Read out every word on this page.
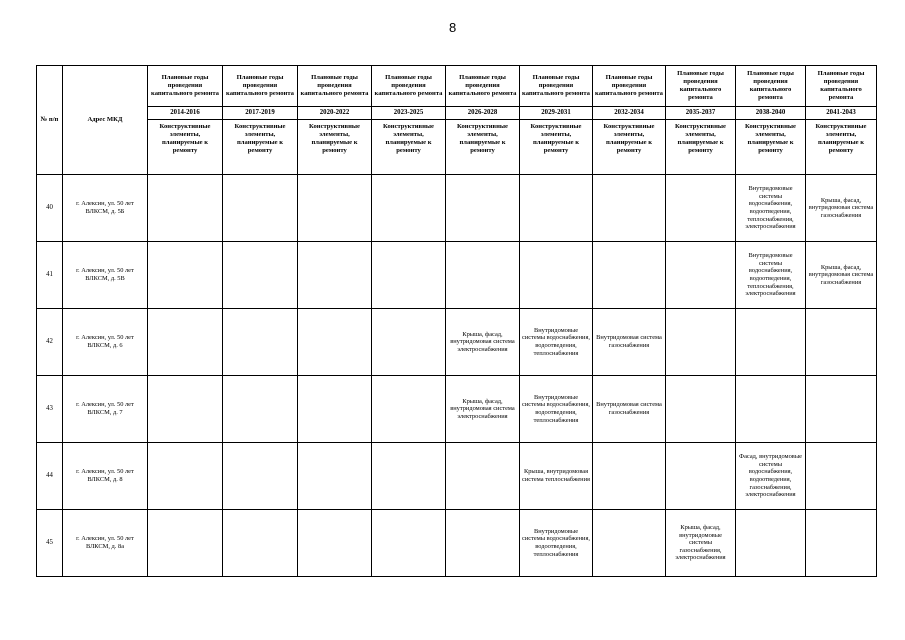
8
№ п/п	Адрес МКД	Плановые годы проведения капитального ремонта	Плановые годы проведения капитального ремонта	Плановые годы проведения капитального ремонта	Плановые годы проведения капитального ремонта	Плановые годы проведения капитального ремонта	Плановые годы проведения капитального ремонта	Плановые годы проведения капитального ремонта	Плановые годы проведения капитального ремонта	Плановые годы проведения капитального ремонта	Плановые годы проведения капитального ремонта
		2014-2016	2017-2019	2020-2022	2023-2025	2026-2028	2029-2031	2032-2034	2035-2037	2038-2040	2041-2043
		Конструктивные элементы, планируемые к ремонту	Конструктивные элементы, планируемые к ремонту	Конструктивные элементы, планируемые к ремонту	Конструктивные элементы, планируемые к ремонту	Конструктивные элементы, планируемые к ремонту	Конструктивные элементы, планируемые к ремонту	Конструктивные элементы, планируемые к ремонту	Конструктивные элементы, планируемые к ремонту	Конструктивные элементы, планируемые к ремонту	Конструктивные элементы, планируемые к ремонту
40	г. Алексин, ул. 50 лет ВЛКСМ, д. 5Б									Внутридомовые системы водоснабжения, водоотведения, теплоснабжения, электроснабжения	Крыша, фасад, внутридомовая система газоснабжения
41	г. Алексин, ул. 50 лет ВЛКСМ, д. 5В									Внутридомовые системы водоснабжения, водоотведения, теплоснабжения, электроснабжения	Крыша, фасад, внутридомовая система газоснабжения
42	г. Алексин, ул. 50 лет ВЛКСМ, д. 6					Крыша, фасад, внутридомовая система электроснабжения	Внутридомовые системы водоснабжения, водоотведения, теплоснабжения	Внутридомовая система газоснабжения			
43	г. Алексин, ул. 50 лет ВЛКСМ, д. 7					Крыша, фасад, внутридомовая система электроснабжения	Внутридомовые системы водоснабжения, водоотведения, теплоснабжения	Внутридомовая система газоснабжения			
44	г. Алексин, ул. 50 лет ВЛКСМ, д. 8						Крыша, внутридомовая система теплоснабжения			Фасад, внутридомовые системы водоснабжения, водоотведения, газоснабжения, электроснабжения	
45	г. Алексин, ул. 50 лет ВЛКСМ, д. 8а						Внутридомовые системы водоснабжения, водоотведения, теплоснабжения		Крыша, фасад, внутридомовые системы газоснабжения, электроснабжения		
